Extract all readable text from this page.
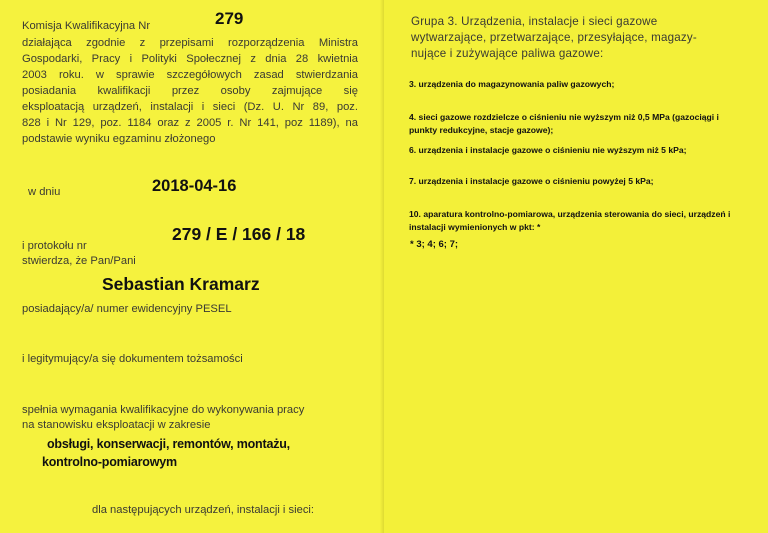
Komisja Kwalifikacyjna Nr	279
działająca zgodnie z przepisami rozporządzenia Ministra
Gospodarki, Pracy i Polityki Społecznej z dnia 28 kwietnia
2003 roku. w sprawie szczegółowych zasad stwierdzania
posiadania kwalifikacji przez osoby zajmujące się
eksploatacją urządzeń, instalacji i sieci (Dz. U. Nr 89, poz.
828 i Nr 129, poz. 1184 oraz z 2005 r. Nr 141, poz 1189), na
podstawie wyniku egzaminu złożonego
w dniu	2018-04-16
279 / E / 166 / 18
i protokołu nr
stwierdza, że Pan/Pani
Sebastian Kramarz
posiadający/a/ numer ewidencyjny PESEL
i legitymujący/a się dokumentem tożsamości
spełnia wymagania kwalifikacyjne do wykonywania pracy
na stanowisku eksploatacji w zakresie
obsługi, konserwacji, remontów, montażu,
kontrolno-pomiarowym
dla następujących urządzeń, instalacji i sieci:
Grupa 3. Urządzenia, instalacje i sieci gazowe
wytwarzające, przetwarzające, przesyłające, magazy-
nujące i zużywające paliwa gazowe:
3. urządzenia do magazynowania paliw gazowych;
4. sieci gazowe rozdzielcze o ciśnieniu nie wyższym niż 0,5 MPa (gazociągi i
punkty redukcyjne, stacje gazowe);
6. urządzenia i instalacje gazowe o ciśnieniu nie wyższym niż 5 kPa;
7. urządzenia i instalacje gazowe o ciśnieniu powyżej 5 kPa;
10. aparatura kontrolno-pomiarowa, urządzenia sterowania do sieci, urządzeń i
instalacji wymienionych w pkt: *
* 3; 4; 6; 7;
